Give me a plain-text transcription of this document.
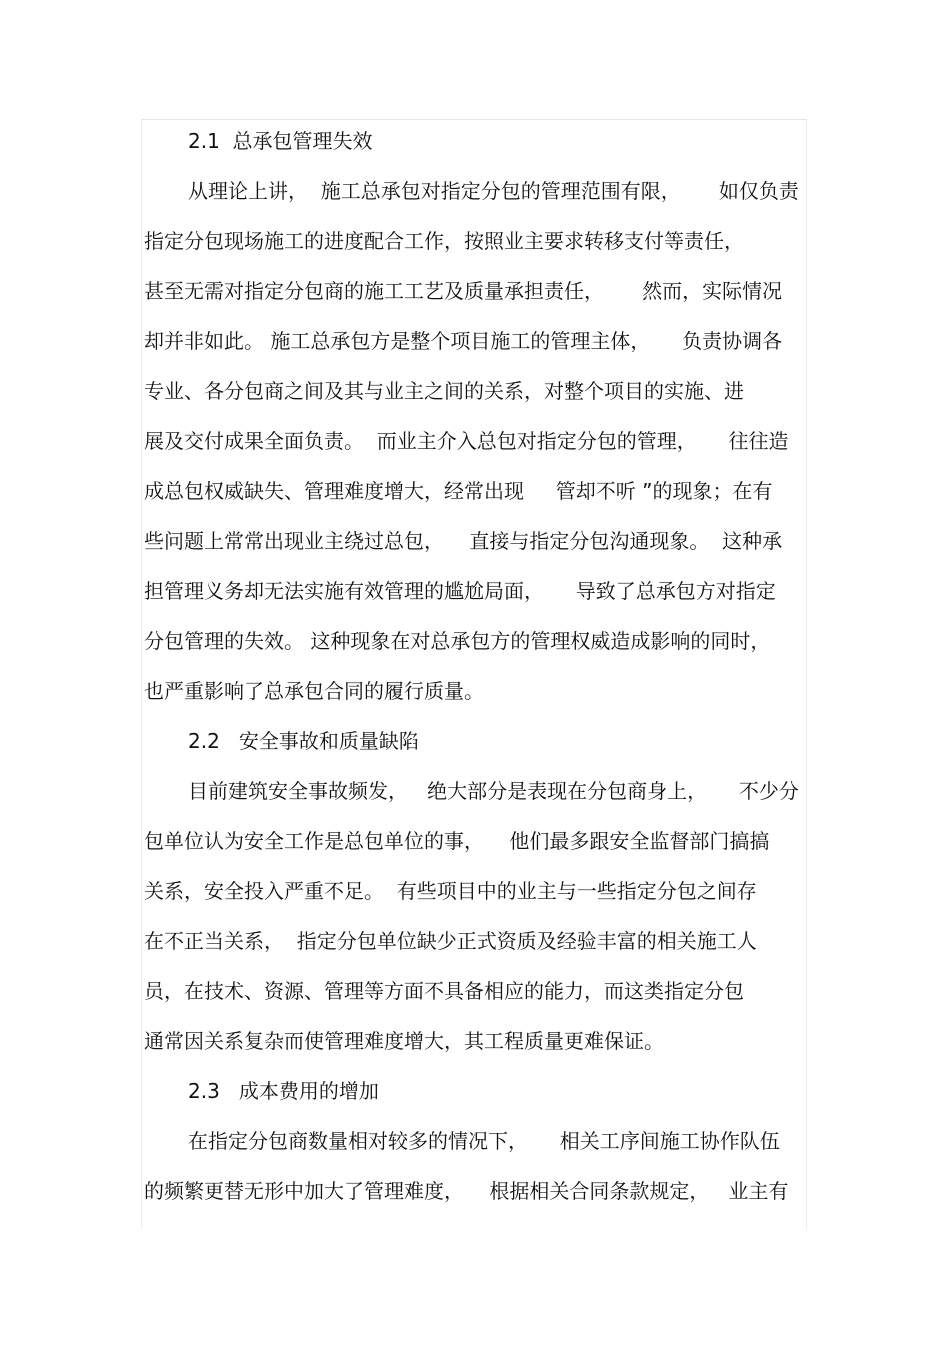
2.1  总承包管理失效
从理论上讲，  施工总承包对指定分包的管理范围有限，      如仅负责
指定分包现场施工的进度配合工作，按照业主要求转移支付等责任，
甚至无需对指定分包商的施工工艺及质量承担责任，      然而，实际情况
却并非如此。 施工总承包方是整个项目施工的管理主体，     负责协调各
专业、各分包商之间及其与业主之间的关系，对整个项目的实施、进
展及交付成果全面负责。  而业主介入总包对指定分包的管理，     往往造
成总包权威缺失、管理难度增大，经常出现     管却不听 ”的现象；在有
些问题上常常出现业主绕过总包，    直接与指定分包沟通现象。  这种承
担管理义务却无法实施有效管理的尴尬局面，     导致了总承包方对指定
分包管理的失效。 这种现象在对总承包方的管理权威造成影响的同时，
也严重影响了总承包合同的履行质量。
2.2   安全事故和质量缺陷
目前建筑安全事故频发，   绝大部分是表现在分包商身上，     不少分
包单位认为安全工作是总包单位的事，    他们最多跟安全监督部门搞搞
关系，安全投入严重不足。  有些项目中的业主与一些指定分包之间存
在不正当关系，  指定分包单位缺少正式资质及经验丰富的相关施工人
员，在技术、资源、管理等方面不具备相应的能力，而这类指定分包
通常因关系复杂而使管理难度增大，其工程质量更难保证。
2.3   成本费用的增加
在指定分包商数量相对较多的情况下，     相关工序间施工协作队伍
的频繁更替无形中加大了管理难度，    根据相关合同条款规定，   业主有
